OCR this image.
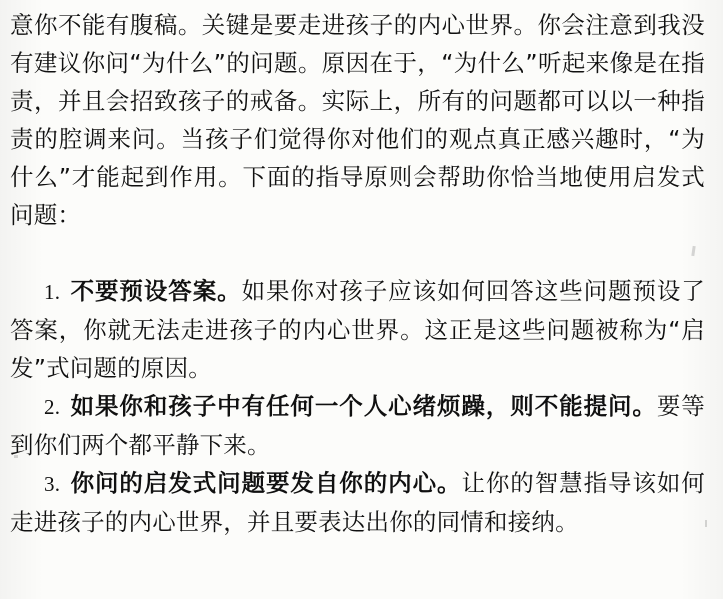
意你不能有腹稿。关键是要走进孩子的内心世界。你会注意到我没有建议你问“为什么”的问题。原因在于，“为什么”听起来像是在指责，并且会招致孩子的戒备。实际上，所有的问题都可以以一种指责的腔调来问。当孩子们觉得你对他们的观点真正感兴趣时，“为什么”才能起到作用。下面的指导原则会帮助你恰当地使用启发式问题：

1. 不要预设答案。如果你对孩子应该如何回答这些问题预设了答案，你就无法走进孩子的内心世界。这正是这些问题被称为“启发”式问题的原因。
2. 如果你和孩子中有任何一个人心绪烦躁，则不能提问。要等到你们两个都平静下来。
3. 你问的启发式问题要发自你的内心。让你的智慧指导该如何走进孩子的内心世界，并且要表达出你的同情和接纳。
